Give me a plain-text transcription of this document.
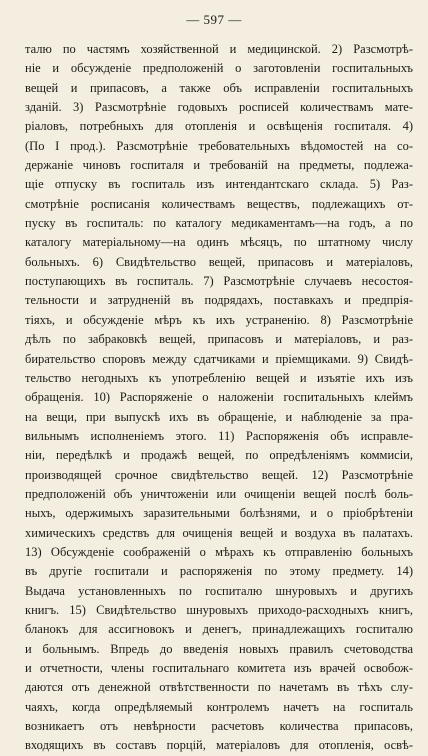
— 597 —
талю по частямъ хозяйственной и медицинской. 2) Разсмотрѣ-
ніе и обсужденіе предположеній о заготовленіи госпитальныхъ
вещей и припасовъ, а также объ исправленіи госпитальныхъ
зданій. 3) Разсмотрѣніе годовыхъ росписей количествамъ мате-
ріаловъ, потребныхъ для отопленія и освѣщенія госпиталя. 4)
(По I прод.). Разсмотрѣніе требовательныхъ вѣдомостей на со-
держаніе чиновъ госпиталя и требованій на предметы, подлежа-
щіе отпуску въ госпиталь изъ интендантскаго склада. 5) Раз-
смотрѣніе росписанія количествамъ веществъ, подлежащихъ от-
пуску въ госпиталь: по каталогу медикаментамъ—на годъ, а по
каталогу матеріальному—на одинъ мѣсяцъ, по штатному числу
больныхъ. 6) Свидѣтельство вещей, припасовъ и матеріаловъ,
поступающихъ въ госпиталь. 7) Разсмотрѣніе случаевъ несостоя-
тельности и затрудненій въ подрядахъ, поставкахъ и предпрія-
тіяхъ, и обсужденіе мѣръ къ ихъ устраненію. 8) Разсмотрѣніе
дѣлъ по забраковкѣ вещей, припасовъ и матеріаловъ, и раз-
бирательство споровъ между сдатчиками и пріемщиками. 9) Свидѣ-
тельство негодныхъ къ употребленію вещей и изъятіе ихъ изъ
обращенія. 10) Распоряженіе о наложеніи госпитальныхъ клеймъ
на вещи, при выпускѣ ихъ въ обращеніе, и наблюденіе за пра-
вильнымъ исполненіемъ этого. 11) Распоряженія объ исправле-
ніи, передѣлкѣ и продажѣ вещей, по опредѣленіямъ коммисіи,
производящей срочное свидѣтельство вещей. 12) Разсмотрѣніе
предположеній объ уничтоженіи или очищеніи вещей послѣ боль-
ныхъ, одержимыхъ заразительными болѣзнями, и о пріобрѣтеніи
химическихъ средствъ для очищенія вещей и воздуха въ палатахъ.
13) Обсужденіе соображеній о мѣрахъ къ отправленію больныхъ
въ другіе госпитали и распоряженія по этому предмету. 14)
Выдача установленныхъ по госпиталю шнуровыхъ и другихъ
книгъ. 15) Свидѣтельство шнуровыхъ приходо-расходныхъ книгъ,
бланокъ для ассигновокъ и денегъ, принадлежащихъ госпиталю
и больнымъ. Впредь до введенія новыхъ правилъ счетоводства
и отчетности, члены госпитальнаго комитета изъ врачей освобож-
даются отъ денежной отвѣтственности по начетамъ въ тѣхъ слу-
чаяхъ, когда опредѣляемый контролемъ начетъ на госпиталь
возникаетъ отъ невѣрности расчетовъ количества припасовъ,
входящихъ въ составъ порцій, матеріаловъ для отопленія, освѣ-
